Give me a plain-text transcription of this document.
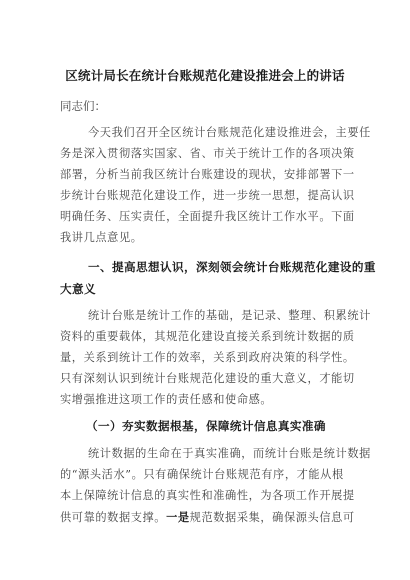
区统计局长在统计台账规范化建设推进会上的讲话
同志们：
今天我们召开全区统计台账规范化建设推进会，主要任
务是深入贯彻落实国家、省、市关于统计工作的各项决策
部署，分析当前我区统计台账建设的现状，安排部署下一
步统计台账规范化建设工作，进一步统一思想，提高认识
明确任务、压实责任，全面提升我区统计工作水平。下面
我讲几点意见。
一、提高思想认识，深刻领会统计台账规范化建设的重
大意义
统计台账是统计工作的基础，是记录、整理、积累统计
资料的重要载体，其规范化建设直接关系到统计数据的质
量，关系到统计工作的效率，关系到政府决策的科学性。
只有深刻认识到统计台账规范化建设的重大意义，才能切
实增强推进这项工作的责任感和使命感。
（一）夯实数据根基，保障统计信息真实准确
统计数据的生命在于真实准确，而统计台账是统计数据
的“源头活水”。只有确保统计台账规范有序，才能从根
本上保障统计信息的真实性和准确性，为各项工作开展提
供可靠的数据支撑。一是规范数据采集，确保源头信息可
